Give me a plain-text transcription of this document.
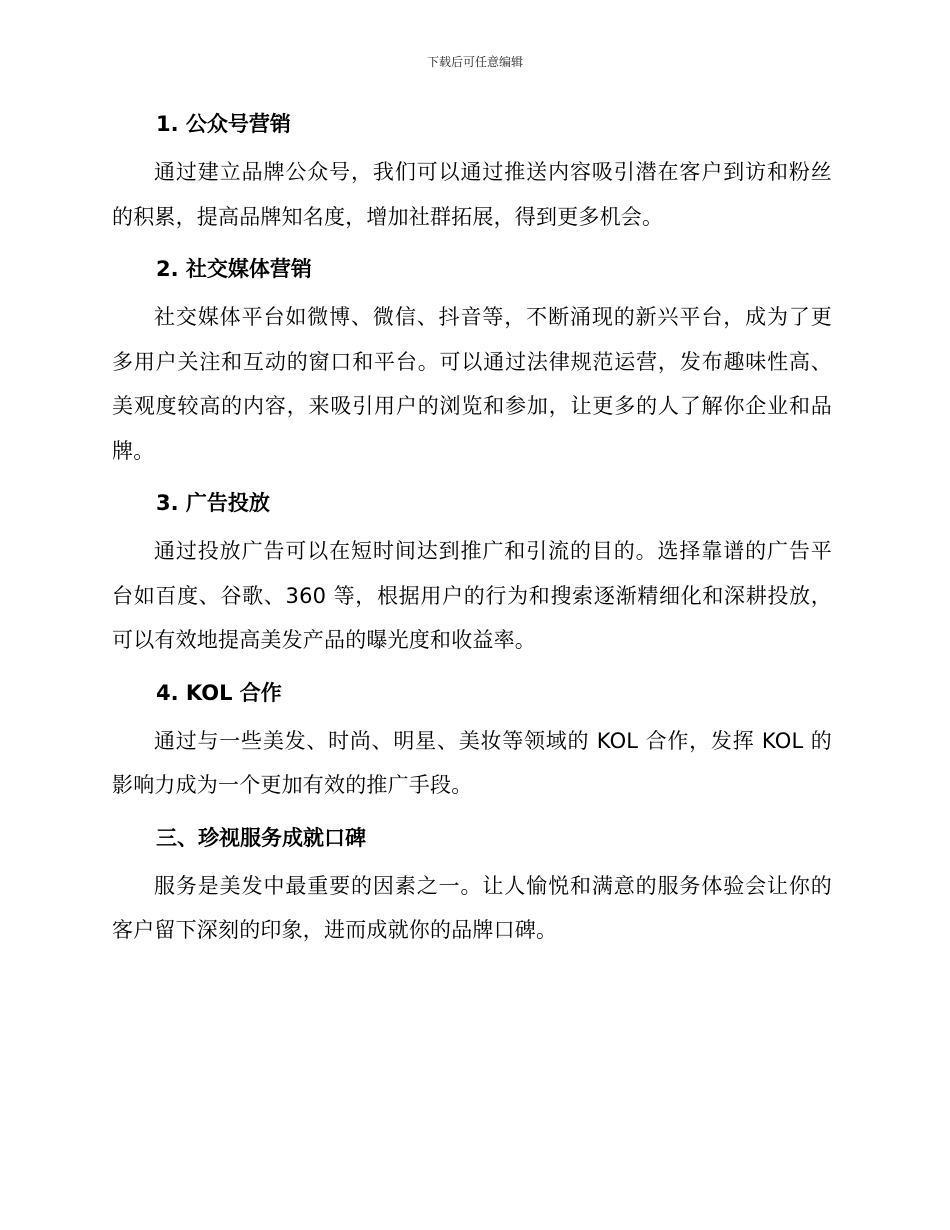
下载后可任意编辑
1. 公众号营销
通过建立品牌公众号，我们可以通过推送内容吸引潜在客户到访和粉丝的积累，提高品牌知名度，增加社群拓展，得到更多机会。
2. 社交媒体营销
社交媒体平台如微博、微信、抖音等，不断涌现的新兴平台，成为了更多用户关注和互动的窗口和平台。可以通过法律规范运营，发布趣味性高、美观度较高的内容，来吸引用户的浏览和参加，让更多的人了解你企业和品牌。
3. 广告投放
通过投放广告可以在短时间达到推广和引流的目的。选择靠谱的广告平台如百度、谷歌、360 等，根据用户的行为和搜索逐渐精细化和深耕投放，可以有效地提高美发产品的曝光度和收益率。
4. KOL 合作
通过与一些美发、时尚、明星、美妆等领域的 KOL 合作，发挥 KOL 的影响力成为一个更加有效的推广手段。
三、珍视服务成就口碑
服务是美发中最重要的因素之一。让人愉悦和满意的服务体验会让你的客户留下深刻的印象，进而成就你的品牌口碑。
